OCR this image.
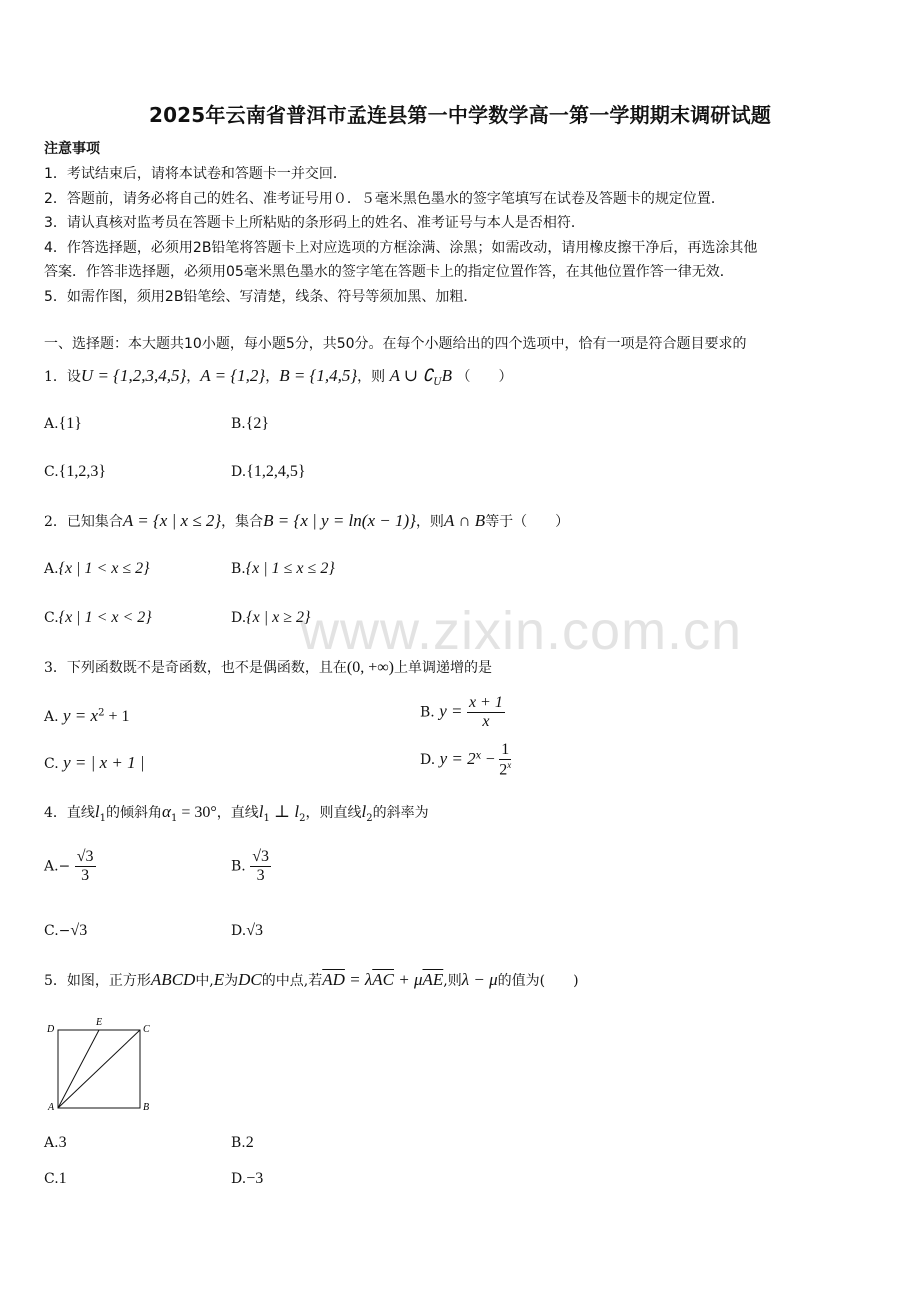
www.zixin.com.cn
2025年云南省普洱市孟连县第一中学数学高一第一学期期末调研试题
注意事项
1．考试结束后，请将本试卷和答题卡一并交回．
2．答题前，请务必将自己的姓名、准考证号用０．５毫米黑色墨水的签字笔填写在试卷及答题卡的规定位置．
3．请认真核对监考员在答题卡上所粘贴的条形码上的姓名、准考证号与本人是否相符．
4．作答选择题，必须用2B铅笔将答题卡上对应选项的方框涂满、涂黑；如需改动，请用橡皮擦干净后，再选涂其他
答案．作答非选择题，必须用05毫米黑色墨水的签字笔在答题卡上的指定位置作答，在其他位置作答一律无效．
5．如需作图，须用2B铅笔绘、写清楚，线条、符号等须加黑、加粗．
一、选择题：本大题共10小题，每小题5分，共50分。在每个小题给出的四个选项中，恰有一项是符合题目要求的
1．设U = {1,2,3,4,5}，A = {1,2}，B = {1,4,5}，则 A ∪ $∁_UB$ （　　）
A.{1}	B.{2}
C.{1,2,3}	D.{1,2,4,5}
2．已知集合A = {x | x ≤ 2}，集合B = {x | y = ln(x − 1)}，则A ∩ B等于（　　）
A.{x | 1 < x ≤ 2}	B.{x | 1 ≤ x ≤ 2}
C.{x | 1 < x < 2}	D.{x | x ≥ 2}
3．下列函数既不是奇函数，也不是偶函数，且在(0, +∞)上单调递增的是
A. $y = x^2 + 1$	B. $y = \frac{x + 1}{x}$
C. y = | x + 1 |	D. $y = 2^x - \frac{1}{2^x}$
4．直线$l_1$的倾斜角$\alpha_1 = 30^\circ$，直线$l_1$ ⊥ $l_2$，则直线$l_2$的斜率为
$A.- \frac{√3}{3}$	B. $\frac{√3}{3}$
C.−√3	D.√3
5．如图，正方形ABCD中,E为DC的中点,若$\overline{AD} = \lambda\overline{AC} + \mu\overline{AE}$,则λ − μ的值为(　　)
D
E
C
A	B
A.3	B.2
C.1	D.−3
